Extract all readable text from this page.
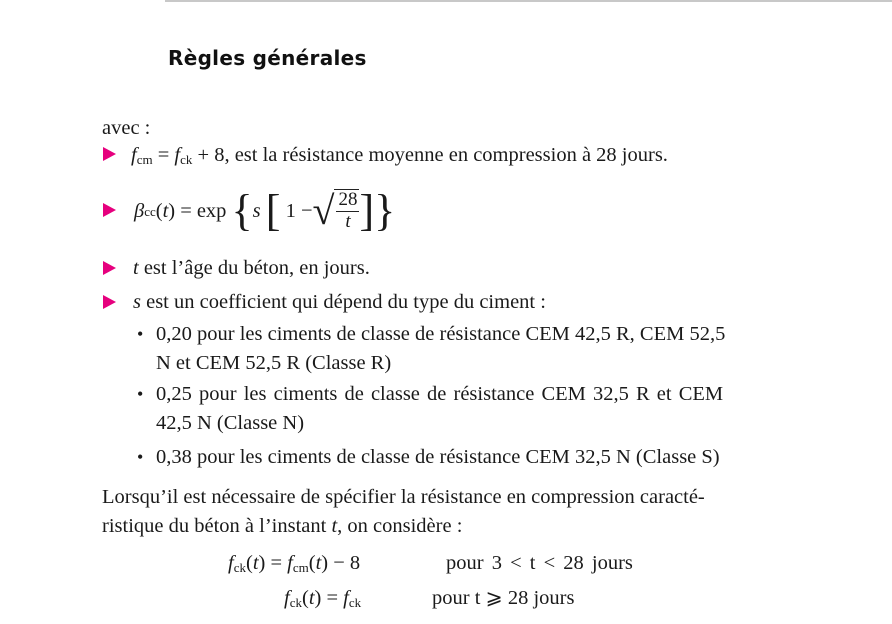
Règles générales
avec :
$f_{cm} = f_{ck} + 8$, est la résistance moyenne en compression à 28 jours.
β cc ( t ) = exp
{ s
[ 1 − √ $\frac{28}{t}$ ] }
t est l’âge du béton, en jours.
s est un coefficient qui dépend du type du ciment :
• 0,20 pour les ciments de classe de résistance CEM 42,5 R, CEM 52,5
N et CEM 52,5 R (Classe R)
• 0,25 pour les ciments de classe de résistance CEM 32,5 R et CEM
42,5 N (Classe N)
• 0,38 pour les ciments de classe de résistance CEM 32,5 N (Classe S)
Lorsqu’il est nécessaire de spécifier la résistance en compression caracté-
ristique du béton à l’instant t, on considère :
$f_{ck}(t) = f_{cm}(t) - 8$	pour 3 < t < 28 jours
$f_{ck}(t) = f_{ck}$	pour t ⩾ 28 jours
